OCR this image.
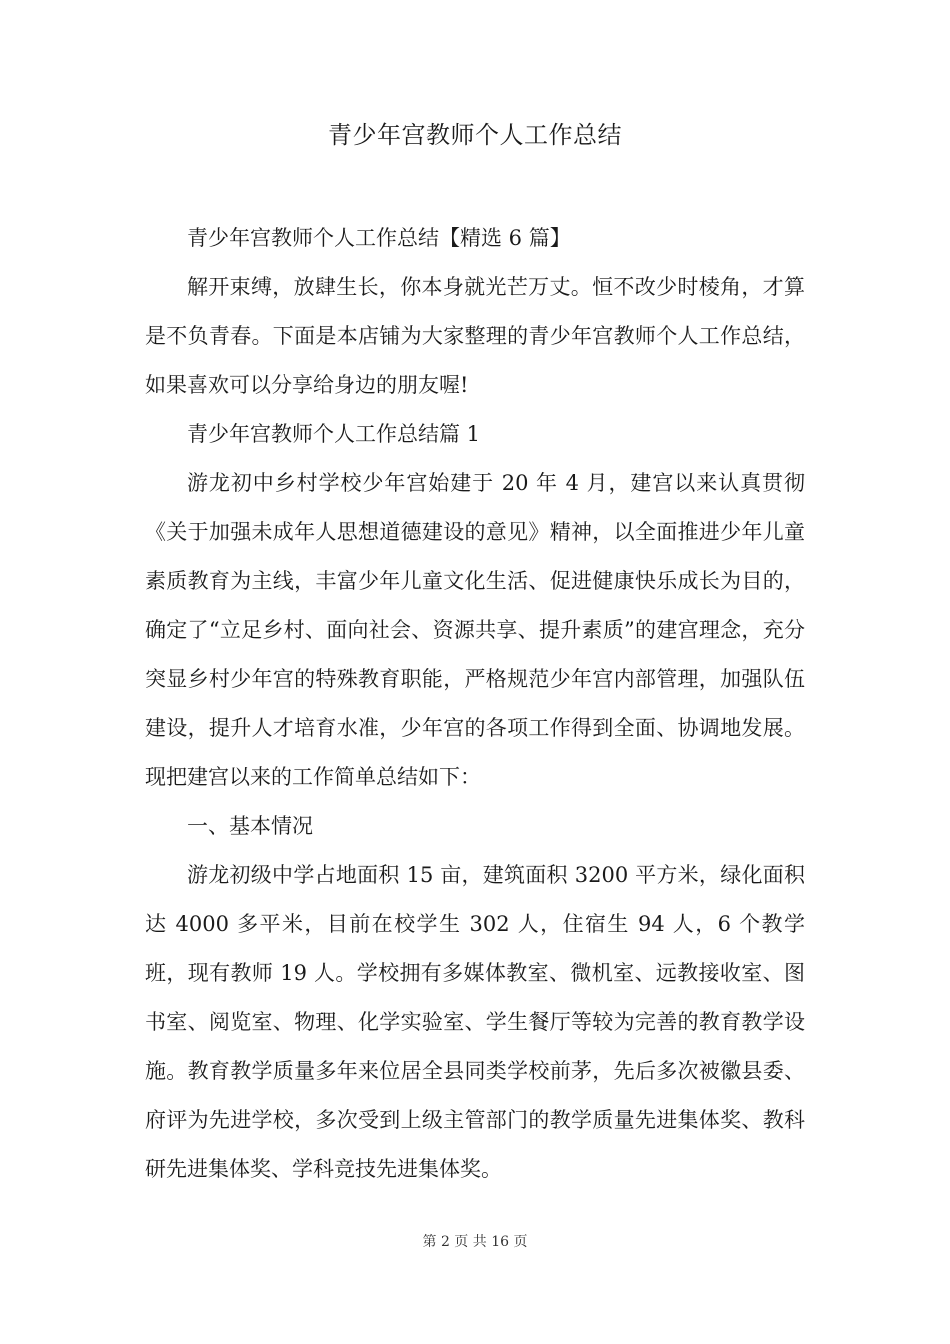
青少年宫教师个人工作总结

青少年宫教师个人工作总结【精选 6 篇】

解开束缚，放肆生长，你本身就光芒万丈。恒不改少时棱角，才算是不负青春。下面是本店铺为大家整理的青少年宫教师个人工作总结，如果喜欢可以分享给身边的朋友喔!

青少年宫教师个人工作总结篇 1

游龙初中乡村学校少年宫始建于 20 年 4 月，建宫以来认真贯彻《关于加强未成年人思想道德建设的意见》精神，以全面推进少年儿童素质教育为主线，丰富少年儿童文化生活、促进健康快乐成长为目的，确定了“立足乡村、面向社会、资源共享、提升素质”的建宫理念，充分突显乡村少年宫的特殊教育职能，严格规范少年宫内部管理，加强队伍建设，提升人才培育水准，少年宫的各项工作得到全面、协调地发展。现把建宫以来的工作简单总结如下：

一、基本情况

游龙初级中学占地面积 15 亩，建筑面积 3200 平方米，绿化面积达 4000 多平米，目前在校学生 302 人，住宿生 94 人，6 个教学班，现有教师 19 人。学校拥有多媒体教室、微机室、远教接收室、图书室、阅览室、物理、化学实验室、学生餐厅等较为完善的教育教学设施。教育教学质量多年来位居全县同类学校前茅，先后多次被徽县委、府评为先进学校，多次受到上级主管部门的教学质量先进集体奖、教科研先进集体奖、学科竞技先进集体奖。

第 2 页 共 16 页
